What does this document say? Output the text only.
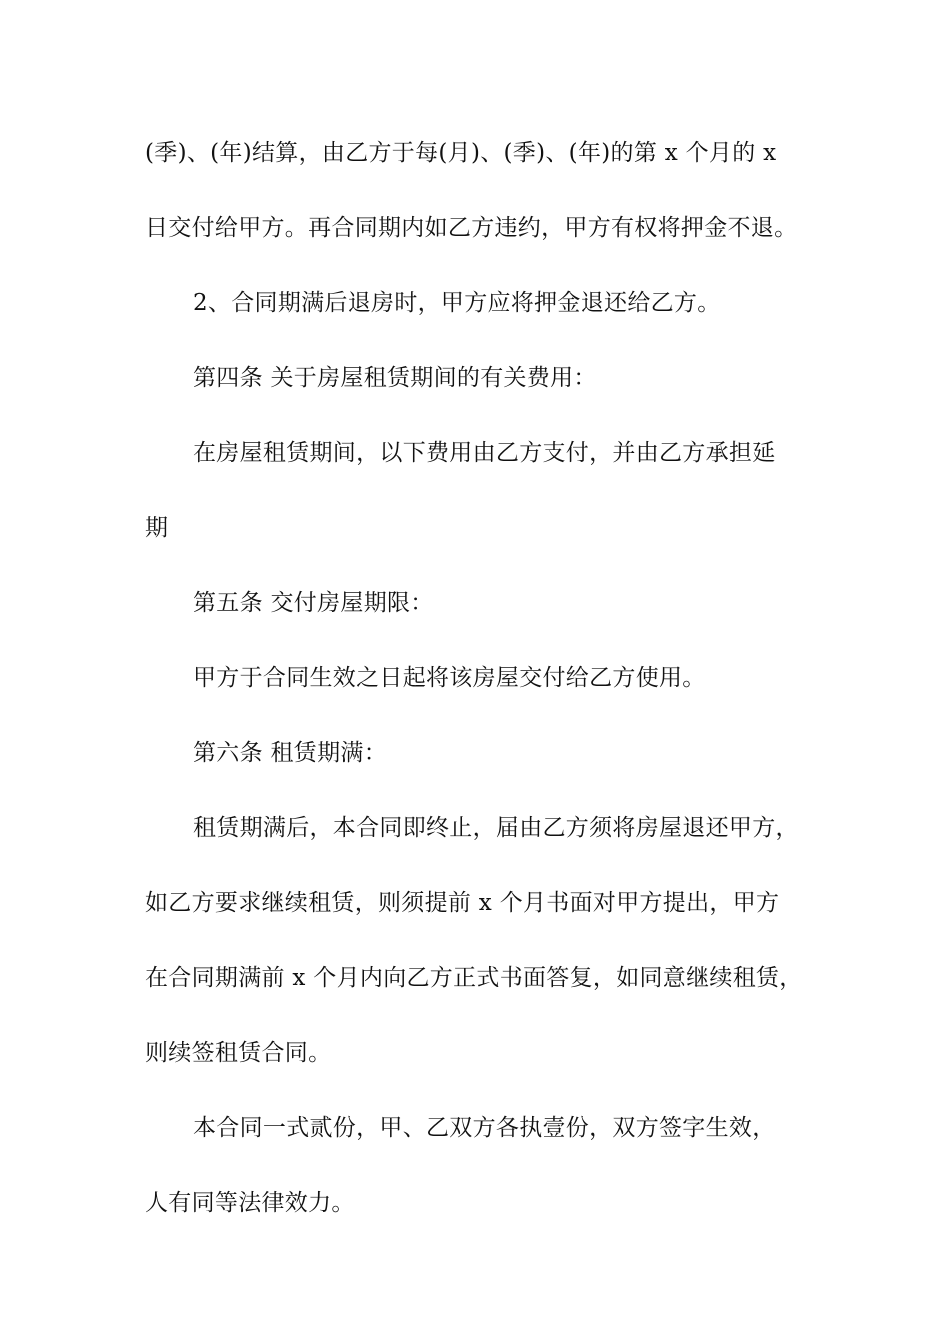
(季)、(年)结算，由乙方于每(月)、(季)、(年)的第 x 个月的 x
日交付给甲方。再合同期内如乙方违约，甲方有权将押金不退。
2、合同期满后退房时，甲方应将押金退还给乙方。
第四条 关于房屋租赁期间的有关费用：
在房屋租赁期间，以下费用由乙方支付，并由乙方承担延
期
第五条 交付房屋期限：
甲方于合同生效之日起将该房屋交付给乙方使用。
第六条 租赁期满：
租赁期满后，本合同即终止，届由乙方须将房屋退还甲方，
如乙方要求继续租赁，则须提前 x 个月书面对甲方提出，甲方
在合同期满前 x 个月内向乙方正式书面答复，如同意继续租赁，
则续签租赁合同。
本合同一式贰份，甲、乙双方各执壹份，双方签字生效，
人有同等法律效力。
